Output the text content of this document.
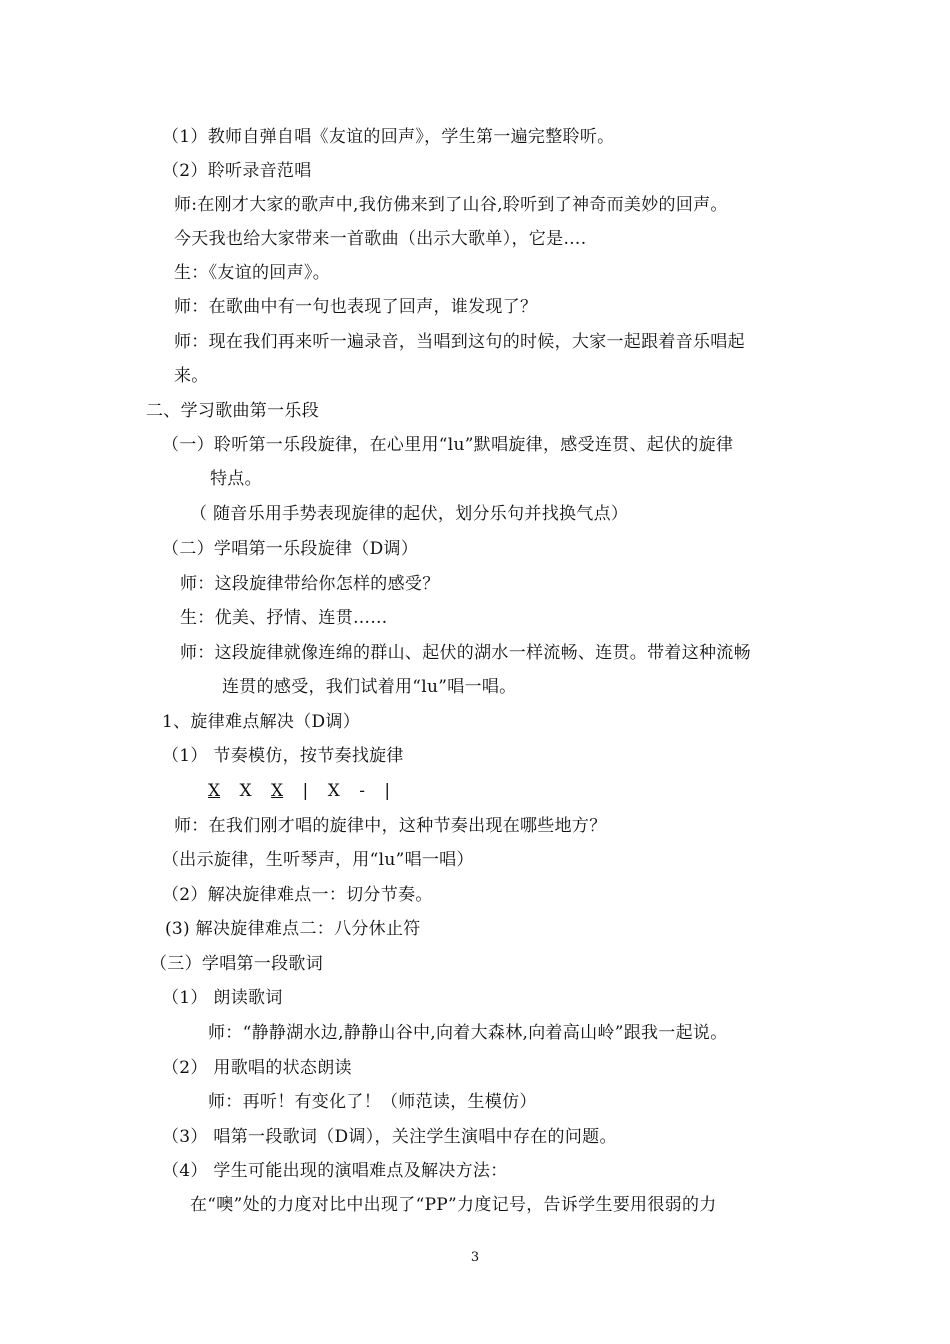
（1）教师自弹自唱《友谊的回声》，学生第一遍完整聆听。
（2）聆听录音范唱
师:在刚才大家的歌声中,我仿佛来到了山谷,聆听到了神奇而美妙的回声。
今天我也给大家带来一首歌曲（出示大歌单），它是….
生：《友谊的回声》。
师：在歌曲中有一句也表现了回声，谁发现了？
师：现在我们再来听一遍录音，当唱到这句的时候，大家一起跟着音乐唱起
来。
二、学习歌曲第一乐段
（一）聆听第一乐段旋律，在心里用“lu”默唱旋律，感受连贯、起伏的旋律
特点。
（ 随音乐用手势表现旋律的起伏，划分乐句并找换气点）
（二）学唱第一乐段旋律（D调）
师：这段旋律带给你怎样的感受？
生：优美、抒情、连贯……
师：这段旋律就像连绵的群山、起伏的湖水一样流畅、连贯。带着这种流畅
连贯的感受，我们试着用“lu”唱一唱。
1、旋律难点解决（D调）
（1） 节奏模仿，按节奏找旋律
X X X | X - |
师：在我们刚才唱的旋律中，这种节奏出现在哪些地方？
（出示旋律，生听琴声，用“lu”唱一唱）
（2）解决旋律难点一：切分节奏。
(3) 解决旋律难点二：八分休止符
（三）学唱第一段歌词
（1） 朗读歌词
师：“静静湖水边,静静山谷中,向着大森林,向着高山岭”跟我一起说。
（2） 用歌唱的状态朗读
师：再听！有变化了！（师范读，生模仿）
（3） 唱第一段歌词（D调），关注学生演唱中存在的问题。
（4） 学生可能出现的演唱难点及解决方法：
在“噢”处的力度对比中出现了“PP”力度记号，告诉学生要用很弱的力
3
